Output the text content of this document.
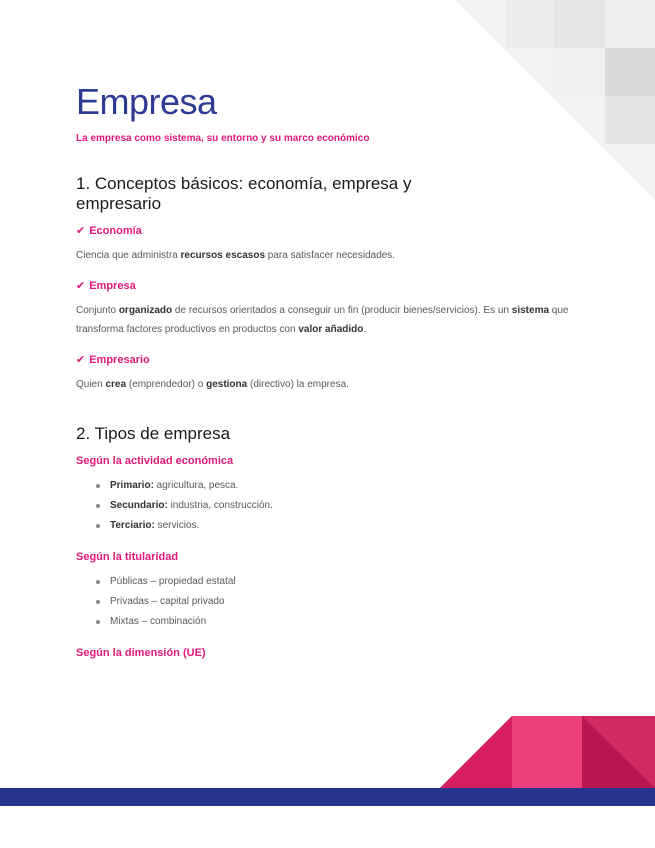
Empresa
La empresa como sistema, su entorno y su marco económico
1. Conceptos básicos: economía, empresa y empresario
✔ Economía
Ciencia que administra recursos escasos para satisfacer necesidades.
✔ Empresa
Conjunto organizado de recursos orientados a conseguir un fin (producir bienes/servicios). Es un sistema que transforma factores productivos en productos con valor añadido.
✔ Empresario
Quien crea (emprendedor) o gestiona (directivo) la empresa.
2. Tipos de empresa
Según la actividad económica
Primario: agricultura, pesca.
Secundario: industria, construcción.
Terciario: servicios.
Según la titularidad
Públicas – propiedad estatal
Privadas – capital privado
Mixtas – combinación
Según la dimensión (UE)
